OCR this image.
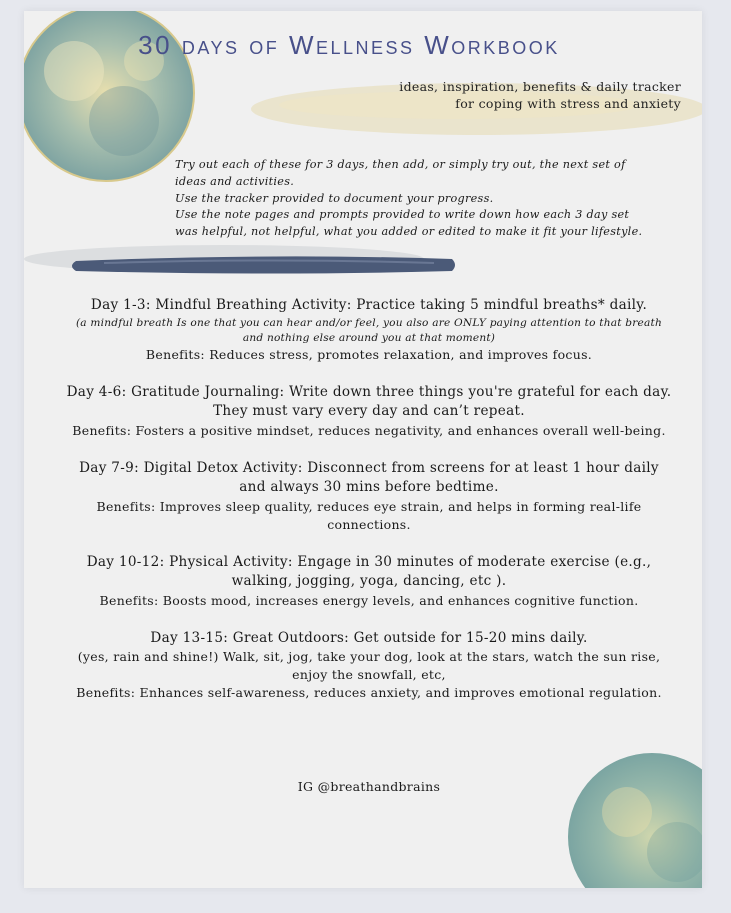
30 days of Wellness Workbook
ideas, inspiration, benefits & daily tracker
for coping with stress and anxiety
Try out each of these for 3 days, then add, or simply try out, the next set of
ideas and activities.
Use the tracker provided to document your progress.
Use the note pages and prompts provided to write down how each 3 day set
was helpful, not helpful, what you added or edited to make it fit your lifestyle.
Day 1-3: Mindful Breathing Activity: Practice taking 5 mindful breaths* daily.
(a mindful breath Is one that you can hear and/or feel, you also are ONLY paying attention to that breath and nothing else around you at that moment)
Benefits: Reduces stress, promotes relaxation, and improves focus.
Day 4-6: Gratitude Journaling: Write down three things you're grateful for each day. They must vary every day and can’t repeat.
Benefits: Fosters a positive mindset, reduces negativity, and enhances overall well-being.
Day 7-9: Digital Detox Activity: Disconnect from screens for at least 1 hour daily and always 30 mins before bedtime.
Benefits: Improves sleep quality, reduces eye strain, and helps in forming real-life connections.
Day 10-12: Physical Activity: Engage in 30 minutes of moderate exercise (e.g., walking, jogging, yoga, dancing, etc ).
Benefits: Boosts mood, increases energy levels, and enhances cognitive function.
Day 13-15: Great Outdoors: Get outside for 15-20 mins daily.
(yes, rain and shine!) Walk, sit, jog, take your dog, look at the stars, watch the sun rise, enjoy the snowfall, etc,
Benefits: Enhances self-awareness, reduces anxiety, and improves emotional regulation.
IG @breathandbrains
